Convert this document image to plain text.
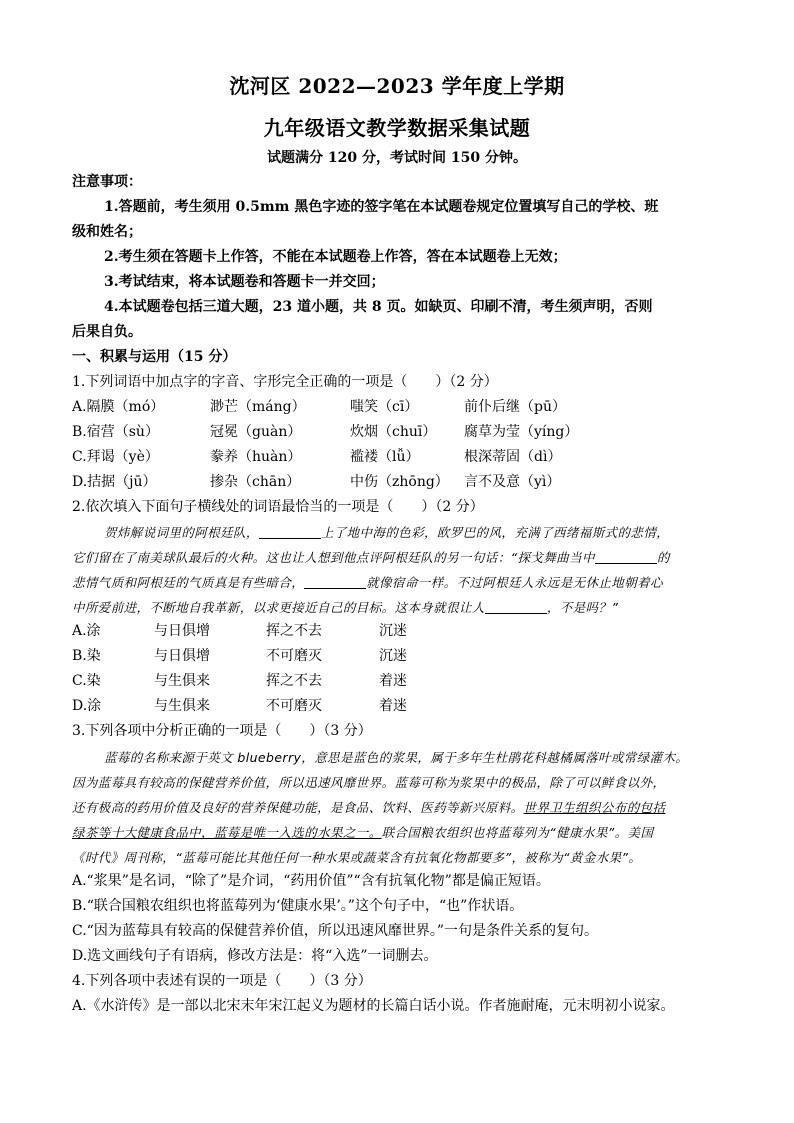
沈河区 2022—2023 学年度上学期
九年级语文教学数据采集试题
试题满分 120 分，考试时间 150 分钟。
注意事项：
1.答题前，考生须用 0.5mm 黑色字迹的签字笔在本试题卷规定位置填写自己的学校、班
级和姓名；
2.考生须在答题卡上作答，不能在本试题卷上作答，答在本试题卷上无效；
3.考试结束，将本试题卷和答题卡一并交回；
4.本试题卷包括三道大题，23 道小题，共 8 页。如缺页、印刷不清，考生须声明，否则
后果自负。
一、积累与运用（15 分）
1.下列词语中加点字的字音、字形完全正确的一项是（　　）（2 分）
A.隔膜（mó）	渺芒（máng）	嗤笑（cī）	前仆后继（pū）
B.宿营（sù）	冠冕（guàn）	炊烟（chuī） 腐草为莹（yíng）
C.拜谒（yè）	豢养（huàn）	褴褛（lǚ）	根深蒂固（dì）
D.拮据（jū）	掺杂（chān）	中伤（zhōng） 言不及意（yì）
2.依次填入下面句子横线处的词语最恰当的一项是（　　）（2 分）
贺炜解说词里的阿根廷队，	上了地中海的色彩，欧罗巴的风，充满了西绪福斯式的悲情，
它们留在了南美球队最后的火种。这也让人想到他点评阿根廷队的另一句话：“探戈舞曲当中	的
悲情气质和阿根廷的气质真是有些暗合，	就像宿命一样。不过阿根廷人永远是无休止地朝着心
中所爱前进，不断地自我革新，以求更接近自己的目标。这本身就很让人	，不是吗？”
A.涂	与日俱增	挥之不去	沉迷
B.染	与日俱增	不可磨灭	沉迷
C.染	与生俱来	挥之不去	着迷
D.涂	与生俱来	不可磨灭	着迷
3.下列各项中分析正确的一项是（　　）（3 分）
蓝莓的名称来源于英文 blueberry，意思是蓝色的浆果，属于多年生杜鹃花科越橘属落叶或常绿灌木。
因为蓝莓具有较高的保健营养价值，所以迅速风靡世界。蓝莓可称为浆果中的极品，除了可以鲜食以外，
还有极高的药用价值及良好的营养保健功能，是食品、饮料、医药等新兴原料。世界卫生组织公布的包括
绿茶等十大健康食品中，蓝莓是唯一入选的水果之一。联合国粮农组织也将蓝莓列为“健康水果”。美国
《时代》周刊称，“蓝莓可能比其他任何一种水果或蔬菜含有抗氧化物都要多”，被称为“黄金水果”。
A.“浆果”是名词，“除了”是介词，“药用价值”“含有抗氧化物”都是偏正短语。
B.“联合国粮农组织也将蓝莓列为‘健康水果’。”这个句子中，“也”作状语。
C.“因为蓝莓具有较高的保健营养价值，所以迅速风靡世界。”一句是条件关系的复句。
D.选文画线句子有语病，修改方法是：将“入选”一词删去。
4.下列各项中表述有误的一项是（　　）（3 分）
A.《水浒传》是一部以北宋末年宋江起义为题材的长篇白话小说。作者施耐庵，元末明初小说家。
